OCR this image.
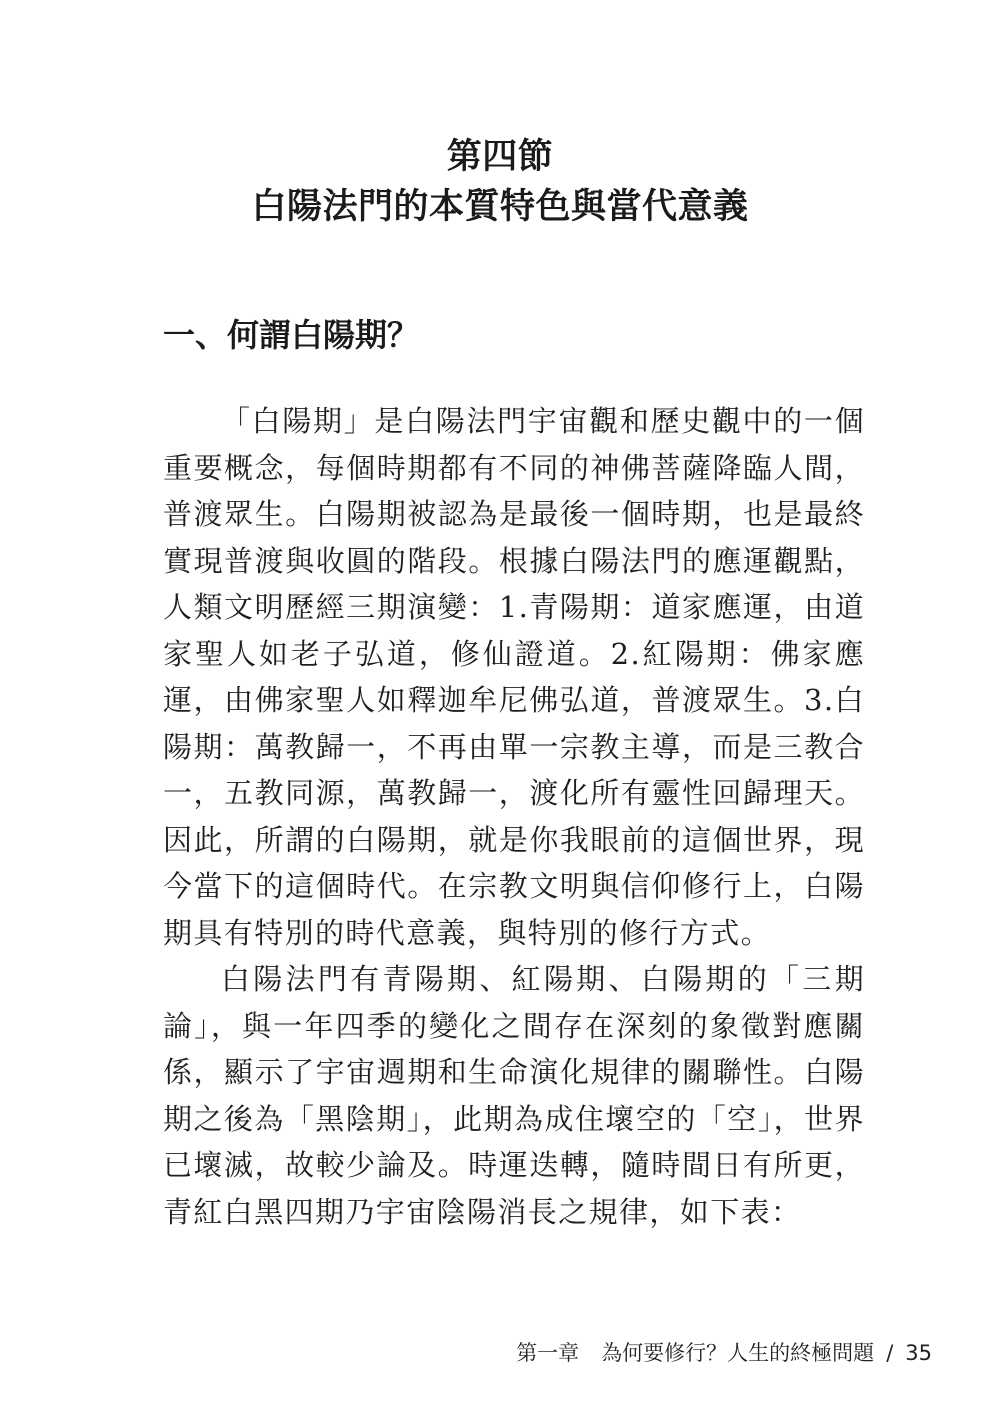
第四節
白陽法門的本質特色與當代意義
一、何謂白陽期？

「白陽期」是白陽法門宇宙觀和歷史觀中的一個重要概念，每個時期都有不同的神佛菩薩降臨人間，普渡眾生。白陽期被認為是最後一個時期，也是最終實現普渡與收圓的階段。根據白陽法門的應運觀點，人類文明歷經三期演變：1.青陽期：道家應運，由道家聖人如老子弘道，修仙證道。2.紅陽期：佛家應運，由佛家聖人如釋迦牟尼佛弘道，普渡眾生。3.白陽期：萬教歸一，不再由單一宗教主導，而是三教合一，五教同源，萬教歸一，渡化所有靈性回歸理天。因此，所謂的白陽期，就是你我眼前的這個世界，現今當下的這個時代。在宗教文明與信仰修行上，白陽期具有特別的時代意義，與特別的修行方式。

白陽法門有青陽期、紅陽期、白陽期的「三期論」，與一年四季的變化之間存在深刻的象徵對應關係，顯示了宇宙週期和生命演化規律的關聯性。白陽期之後為「黑陰期」，此期為成住壞空的「空」，世界已壞滅，故較少論及。時運迭轉，隨時間日有所更，青紅白黑四期乃宇宙陰陽消長之規律，如下表：

第一章 為何要修行？人生的終極問題 / 35
